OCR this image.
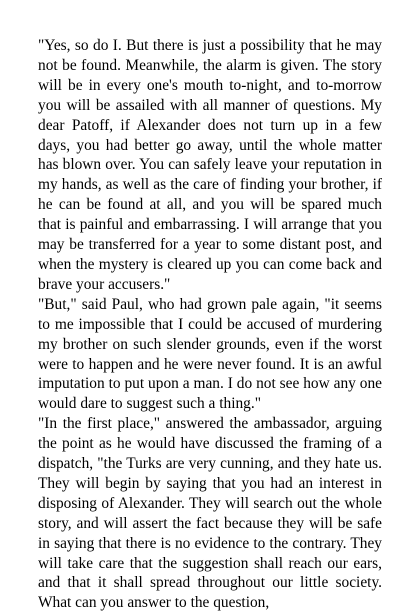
"Yes, so do I. But there is just a possibility that he may not be found. Meanwhile, the alarm is given. The story will be in every one's mouth to-night, and to-morrow you will be assailed with all manner of questions. My dear Patoff, if Alexander does not turn up in a few days, you had better go away, until the whole matter has blown over. You can safely leave your reputation in my hands, as well as the care of finding your brother, if he can be found at all, and you will be spared much that is painful and embarrassing. I will arrange that you may be transferred for a year to some distant post, and when the mystery is cleared up you can come back and brave your accusers."

"But," said Paul, who had grown pale again, "it seems to me impossible that I could be accused of murdering my brother on such slender grounds, even if the worst were to happen and he were never found. It is an awful imputation to put upon a man. I do not see how any one would dare to suggest such a thing."

"In the first place," answered the ambassador, arguing the point as he would have discussed the framing of a dispatch, "the Turks are very cunning, and they hate us. They will begin by saying that you had an interest in disposing of Alexander. They will search out the whole story, and will assert the fact because they will be safe in saying that there is no evidence to the contrary. They will take care that the suggestion shall reach our ears, and that it shall spread throughout our little society. What can you answer to the question,
